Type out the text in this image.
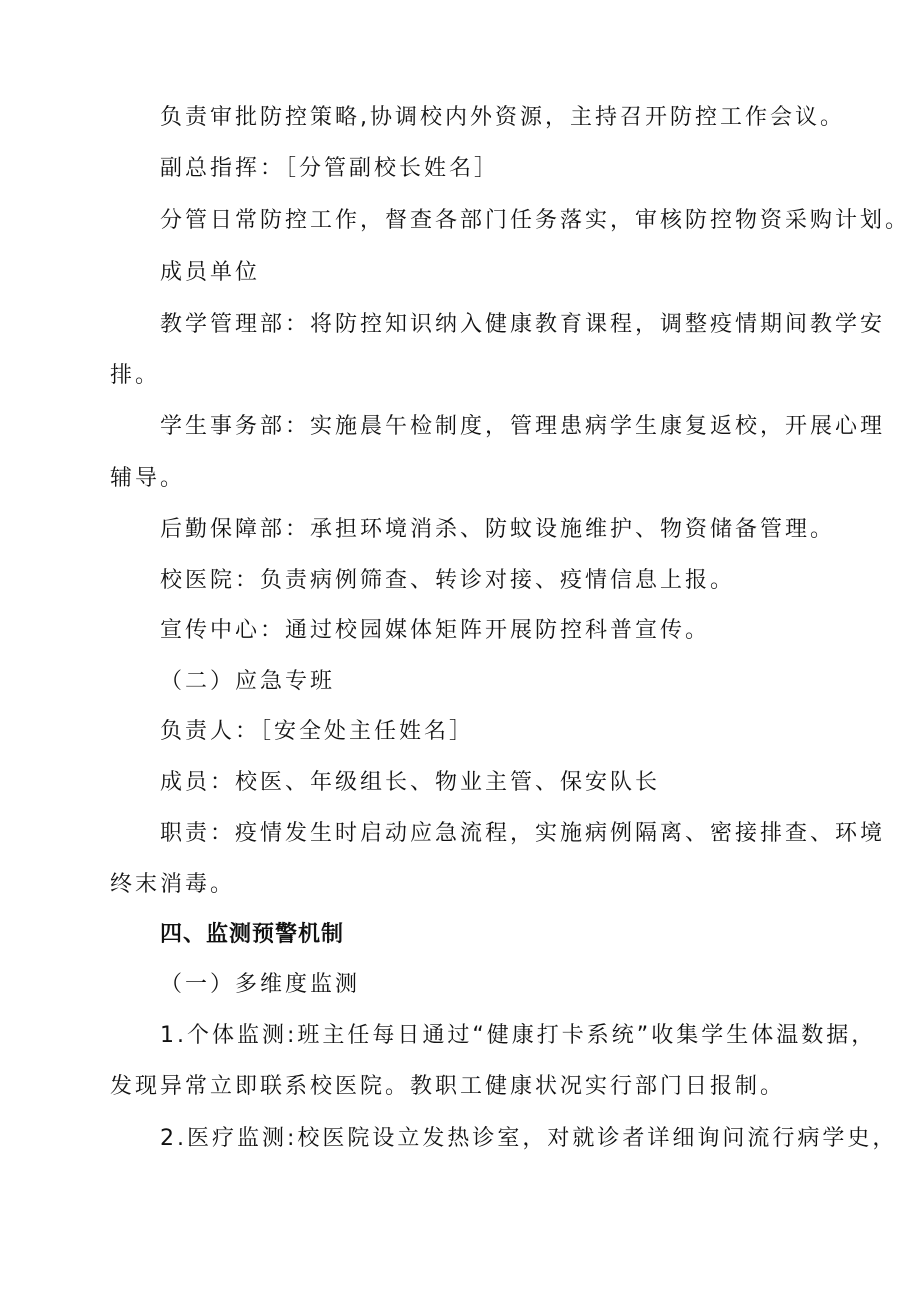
负责审批防控策略,协调校内外资源，主持召开防控工作会议。
副总指挥：［分管副校长姓名］
分管日常防控工作，督查各部门任务落实，审核防控物资采购计划。
成员单位
教学管理部：将防控知识纳入健康教育课程，调整疫情期间教学安
排。
学生事务部：实施晨午检制度，管理患病学生康复返校，开展心理
辅导。
后勤保障部：承担环境消杀、防蚊设施维护、物资储备管理。
校医院：负责病例筛查、转诊对接、疫情信息上报。
宣传中心：通过校园媒体矩阵开展防控科普宣传。
（二）应急专班
负责人：［安全处主任姓名］
成员：校医、年级组长、物业主管、保安队长
职责：疫情发生时启动应急流程，实施病例隔离、密接排查、环境
终末消毒。
四、监测预警机制
（一）多维度监测
1.个体监测:班主任每日通过“健康打卡系统”收集学生体温数据，
发现异常立即联系校医院。教职工健康状况实行部门日报制。
2.医疗监测:校医院设立发热诊室，对就诊者详细询问流行病学史，
